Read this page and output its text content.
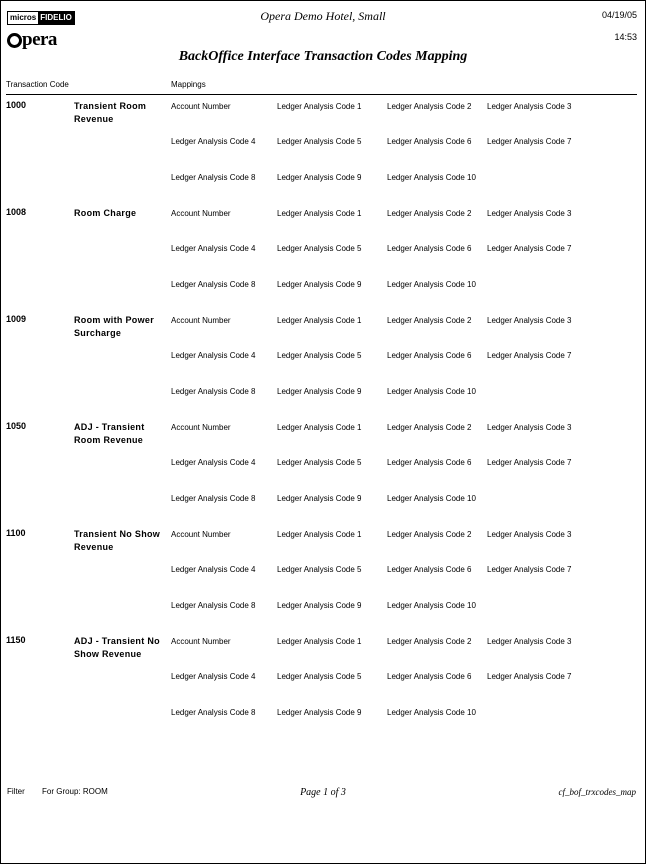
micros FIDELIO
pera
Opera Demo Hotel, Small	04/19/05
14:53
BackOffice Interface Transaction Codes Mapping
Transaction Code	Mappings
1000	Transient Room Revenue
Account Number	Ledger Analysis Code 1	Ledger Analysis Code 2 Ledger Analysis Code 3
Ledger Analysis Code 4	Ledger Analysis Code 5	Ledger Analysis Code 6 Ledger Analysis Code 7
Ledger Analysis Code 8	Ledger Analysis Code 9	Ledger Analysis Code 10
1008	Room Charge	Account Number	Ledger Analysis Code 1	Ledger Analysis Code 2 Ledger Analysis Code 3
Ledger Analysis Code 4	Ledger Analysis Code 5	Ledger Analysis Code 6 Ledger Analysis Code 7
Ledger Analysis Code 8	Ledger Analysis Code 9	Ledger Analysis Code 10
1009	Room with Power Surcharge
Account Number	Ledger Analysis Code 1	Ledger Analysis Code 2 Ledger Analysis Code 3
Ledger Analysis Code 4	Ledger Analysis Code 5	Ledger Analysis Code 6 Ledger Analysis Code 7
Ledger Analysis Code 8	Ledger Analysis Code 9	Ledger Analysis Code 10
1050	ADJ - Transient Room Revenue
Account Number	Ledger Analysis Code 1	Ledger Analysis Code 2 Ledger Analysis Code 3
Ledger Analysis Code 4	Ledger Analysis Code 5	Ledger Analysis Code 6 Ledger Analysis Code 7
Ledger Analysis Code 8	Ledger Analysis Code 9	Ledger Analysis Code 10
1100	Transient No Show Revenue
Account Number	Ledger Analysis Code 1	Ledger Analysis Code 2 Ledger Analysis Code 3
Ledger Analysis Code 4	Ledger Analysis Code 5	Ledger Analysis Code 6 Ledger Analysis Code 7
Ledger Analysis Code 8	Ledger Analysis Code 9	Ledger Analysis Code 10
1150	ADJ - Transient No Show Revenue
Account Number	Ledger Analysis Code 1	Ledger Analysis Code 2 Ledger Analysis Code 3
Ledger Analysis Code 4	Ledger Analysis Code 5	Ledger Analysis Code 6 Ledger Analysis Code 7
Ledger Analysis Code 8	Ledger Analysis Code 9	Ledger Analysis Code 10
Filter For Group: ROOM	Page 1 of 3	cf_bof_trxcodes_map
